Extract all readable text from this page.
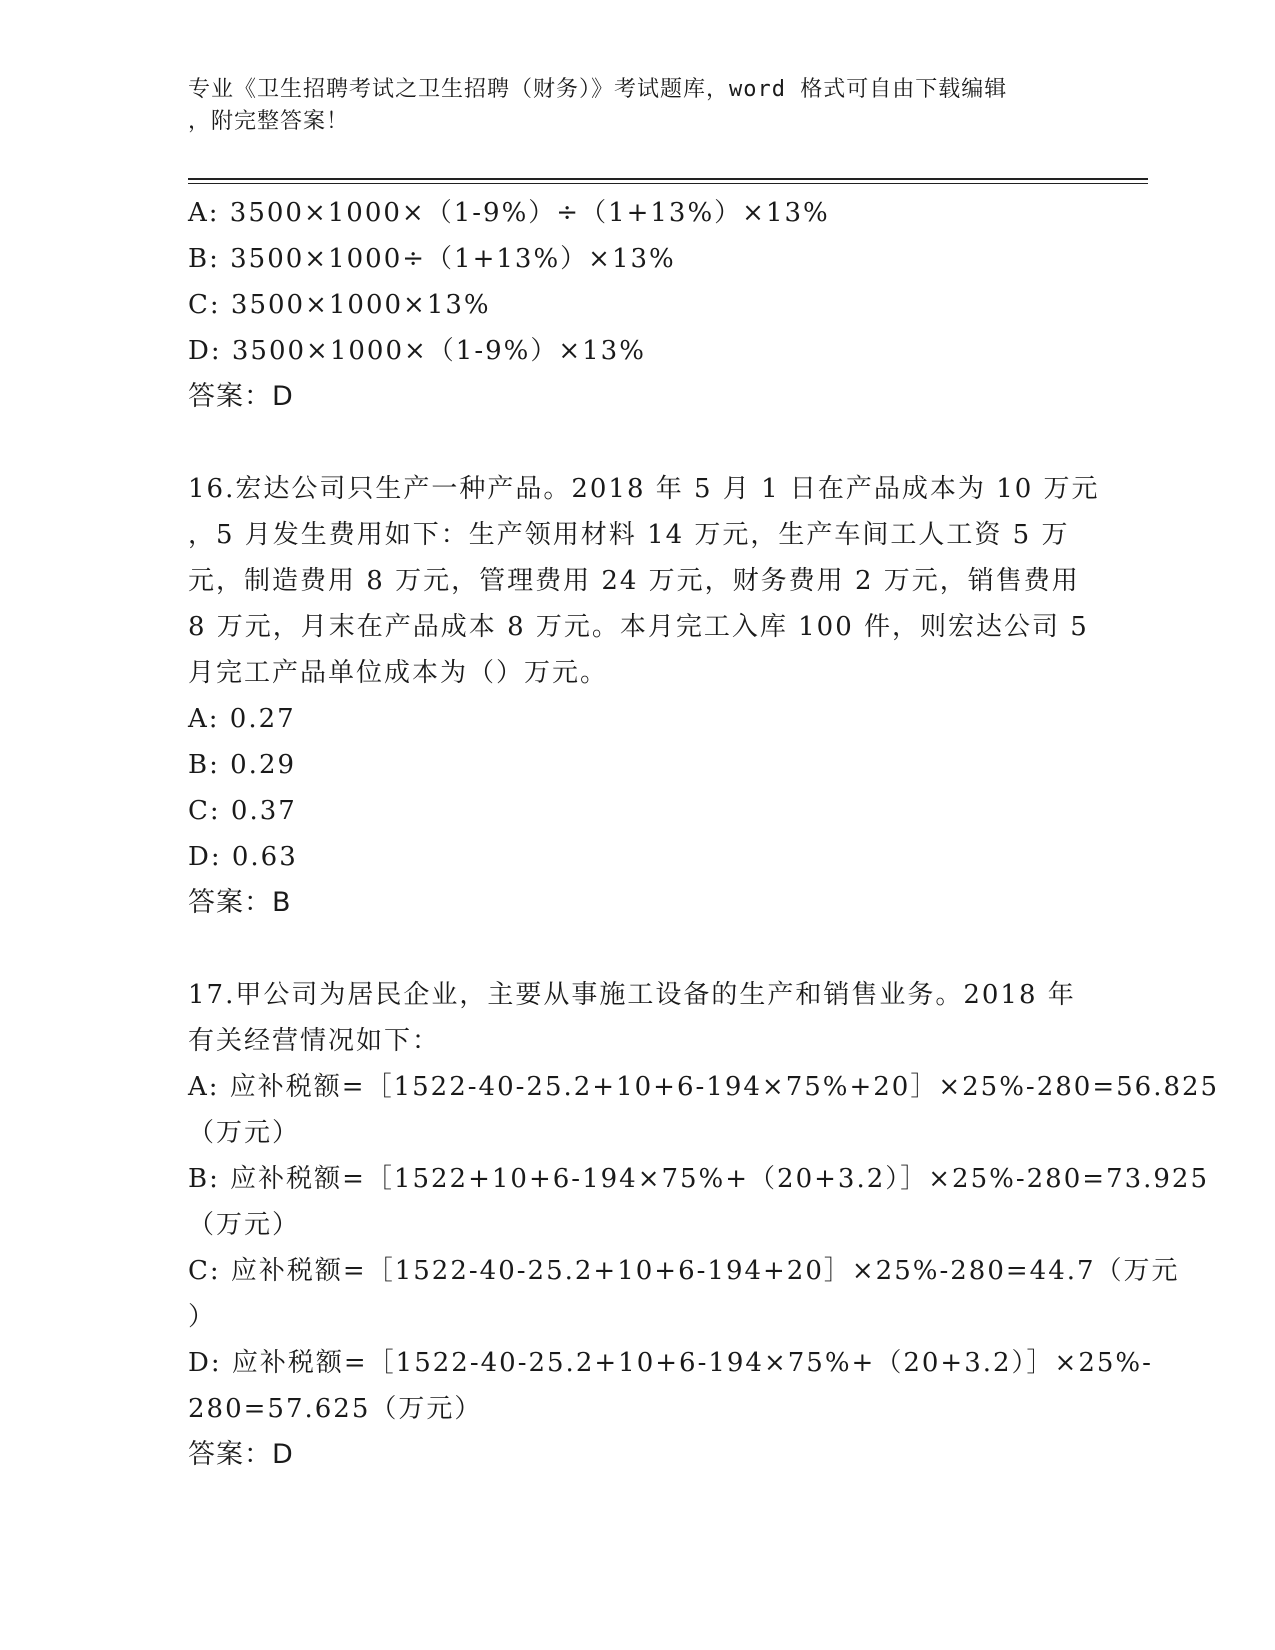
专业《卫生招聘考试之卫生招聘（财务）》考试题库，word 格式可自由下载编辑
，附完整答案！
A: 3500×1000×（1-9%）÷（1+13%）×13%
B: 3500×1000÷（1+13%）×13%
C: 3500×1000×13%
D: 3500×1000×（1-9%）×13%
答案：D
16.宏达公司只生产一种产品。2018 年 5 月 1 日在产品成本为 10 万元
，5 月发生费用如下：生产领用材料 14 万元，生产车间工人工资 5 万
元，制造费用 8 万元，管理费用 24 万元，财务费用 2 万元，销售费用
8 万元，月末在产品成本 8 万元。本月完工入库 100 件，则宏达公司 5
月完工产品单位成本为（）万元。
A: 0.27
B: 0.29
C: 0.37
D: 0.63
答案：B
17.甲公司为居民企业，主要从事施工设备的生产和销售业务。2018 年
有关经营情况如下：
A: 应补税额=［1522-40-25.2+10+6-194×75%+20］×25%-280=56.825
（万元）
B: 应补税额=［1522+10+6-194×75%+（20+3.2）］×25%-280=73.925
（万元）
C: 应补税额=［1522-40-25.2+10+6-194+20］×25%-280=44.7（万元
）
D: 应补税额=［1522-40-25.2+10+6-194×75%+（20+3.2）］×25%-
280=57.625（万元）
答案：D
